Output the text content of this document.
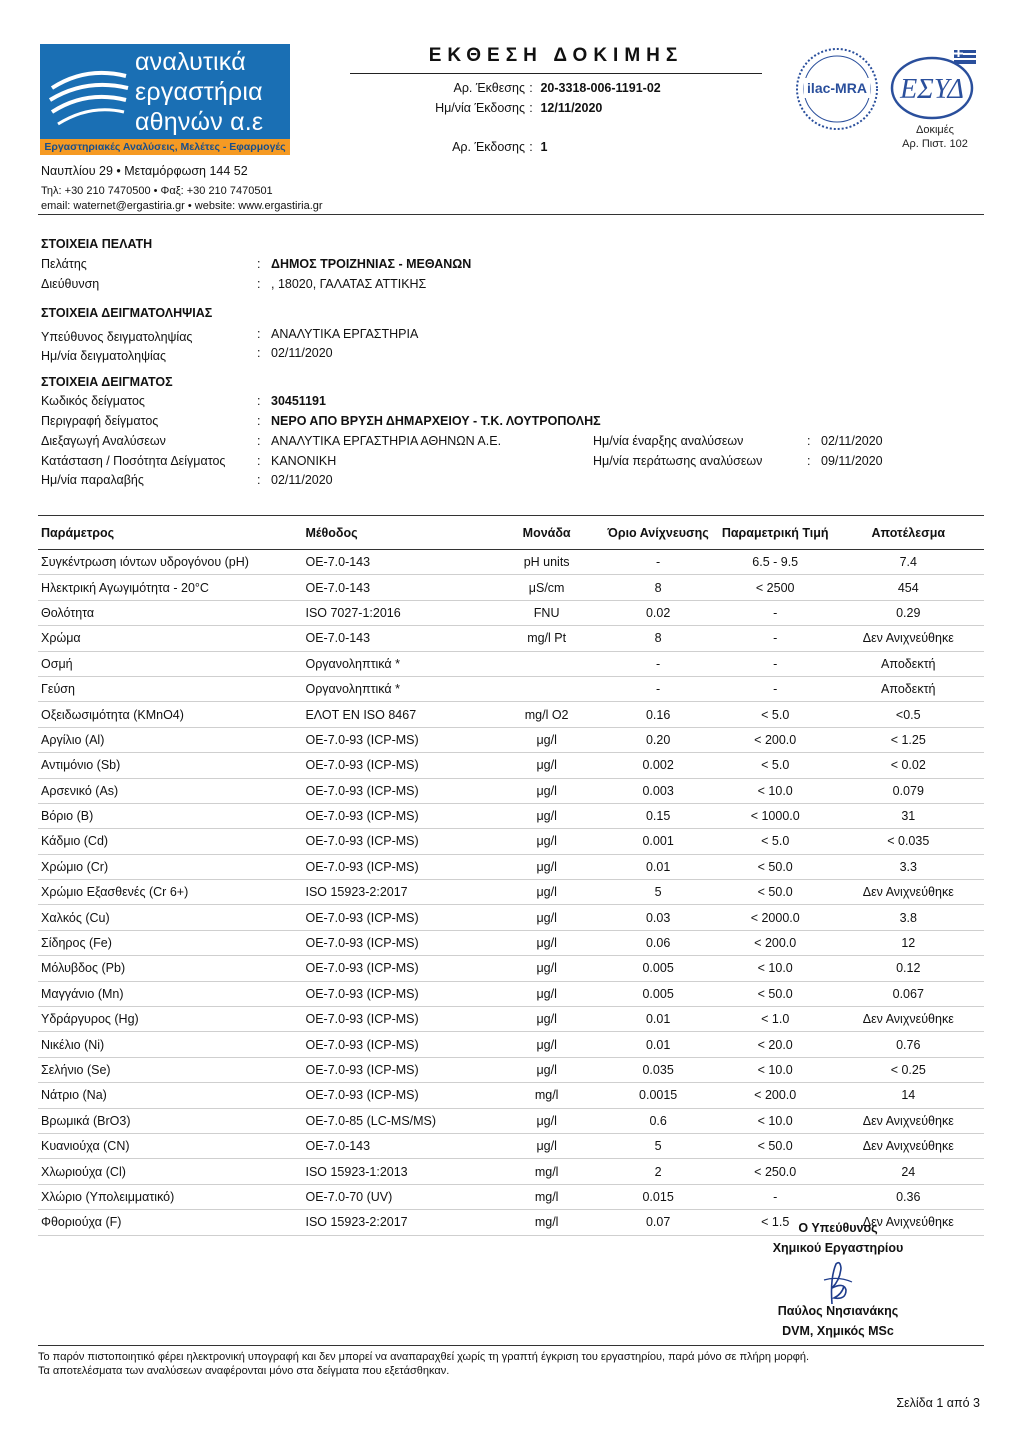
αναλυτικά
εργαστήρια
αθηνών α.ε
Εργαστηριακές Αναλύσεις, Μελέτες - Εφαρμογές
Ναυπλίου 29 • Μεταμόρφωση 144 52
Τηλ: +30 210 7470500 • Φαξ: +30 210 7470501
email: waternet@ergastiria.gr • website: www.ergastiria.gr
ΕΚΘΕΣΗ ΔΟΚΙΜΗΣ
Αρ. Έκθεσης : 20-3318-006-1191-02
Ημ/νία Έκδοσης : 12/11/2020
Αρ. Έκδοσης : 1
ilac-MRA ΕΣΥΔ
Δοκιμές
Αρ. Πιστ. 102
ΣΤΟΙΧΕΙΑ ΠΕΛΑΤΗ
Πελάτης	: ΔΗΜΟΣ ΤΡΟΙΖΗΝΙΑΣ - ΜΕΘΑΝΩΝ
Διεύθυνση	: , 18020, ΓΑΛΑΤΑΣ ΑΤΤΙΚΗΣ
ΣΤΟΙΧΕΙΑ ΔΕΙΓΜΑΤΟΛΗΨΙΑΣ
Υπεύθυνος δειγματοληψίας	: ΑΝΑΛΥΤΙΚΑ ΕΡΓΑΣΤΗΡΙΑ
Ημ/νία δειγματοληψίας	: 02/11/2020
ΣΤΟΙΧΕΙΑ ΔΕΙΓΜΑΤΟΣ
Κωδικός δείγματος	: 30451191
Περιγραφή δείγματος	: ΝΕΡΟ ΑΠΟ ΒΡΥΣΗ ΔΗΜΑΡΧΕΙΟΥ - Τ.Κ. ΛΟΥΤΡΟΠΟΛΗΣ
Διεξαγωγή Αναλύσεων	: ΑΝΑΛΥΤΙΚΑ ΕΡΓΑΣΤΗΡΙΑ ΑΘΗΝΩΝ Α.Ε.	Ημ/νία έναρξης αναλύσεων	: 02/11/2020
Κατάσταση / Ποσότητα Δείγματος	: ΚΑΝΟΝΙΚΗ	Ημ/νία περάτωσης αναλύσεων	: 09/11/2020
Ημ/νία παραλαβής	: 02/11/2020
Παράμετρος	Μέθοδος	Μονάδα	Όριο Ανίχνευσης	Παραμετρική Τιμή	Αποτέλεσμα
Συγκέντρωση ιόντων υδρογόνου (pH)	OE-7.0-143	pH units	-	6.5 - 9.5	7.4
Ηλεκτρική Αγωγιμότητα - 20°C	OE-7.0-143	μS/cm	8	< 2500	454
Θολότητα	ISO 7027-1:2016	FNU	0.02	-	0.29
Χρώμα	OE-7.0-143	mg/l Pt	8	-	Δεν Ανιχνεύθηκε
Οσμή	Οργανοληπτικά *		-	-	Αποδεκτή
Γεύση	Οργανοληπτικά *		-	-	Αποδεκτή
Οξειδωσιμότητα (KMnO4)	ΕΛΟΤ EN ISO 8467	mg/l O2	0.16	< 5.0	<0.5
Αργίλιο (Al)	OE-7.0-93 (ICP-MS)	μg/l	0.20	< 200.0	< 1.25
Αντιμόνιο (Sb)	OE-7.0-93 (ICP-MS)	μg/l	0.002	< 5.0	< 0.02
Αρσενικό (As)	OE-7.0-93 (ICP-MS)	μg/l	0.003	< 10.0	0.079
Βόριο (B)	OE-7.0-93 (ICP-MS)	μg/l	0.15	< 1000.0	31
Κάδμιο (Cd)	OE-7.0-93 (ICP-MS)	μg/l	0.001	< 5.0	< 0.035
Χρώμιο (Cr)	OE-7.0-93 (ICP-MS)	μg/l	0.01	< 50.0	3.3
Χρώμιο Εξασθενές (Cr 6+)	ISO 15923-2:2017	μg/l	5	< 50.0	Δεν Ανιχνεύθηκε
Χαλκός (Cu)	OE-7.0-93 (ICP-MS)	μg/l	0.03	< 2000.0	3.8
Σίδηρος (Fe)	OE-7.0-93 (ICP-MS)	μg/l	0.06	< 200.0	12
Μόλυβδος (Pb)	OE-7.0-93 (ICP-MS)	μg/l	0.005	< 10.0	0.12
Μαγγάνιο (Mn)	OE-7.0-93 (ICP-MS)	μg/l	0.005	< 50.0	0.067
Υδράργυρος (Hg)	OE-7.0-93 (ICP-MS)	μg/l	0.01	< 1.0	Δεν Ανιχνεύθηκε
Νικέλιο (Ni)	OE-7.0-93 (ICP-MS)	μg/l	0.01	< 20.0	0.76
Σελήνιο (Se)	OE-7.0-93 (ICP-MS)	μg/l	0.035	< 10.0	< 0.25
Νάτριο (Na)	OE-7.0-93 (ICP-MS)	mg/l	0.0015	< 200.0	14
Βρωμικά (BrO3)	OE-7.0-85 (LC-MS/MS)	μg/l	0.6	< 10.0	Δεν Ανιχνεύθηκε
Κυανιούχα (CN)	OE-7.0-143	μg/l	5	< 50.0	Δεν Ανιχνεύθηκε
Χλωριούχα (Cl)	ISO 15923-1:2013	mg/l	2	< 250.0	24
Χλώριο (Υπολειμματικό)	OE-7.0-70 (UV)	mg/l	0.015	-	0.36
Φθοριούχα (F)	ISO 15923-2:2017	mg/l	0.07	< 1.5	Δεν Ανιχνεύθηκε
Ο Υπεύθυνος
Χημικού Εργαστηρίου
Παύλος Νησιανάκης
DVM, Χημικός MSc
Το παρόν πιστοποιητικό φέρει ηλεκτρονική υπογραφή και δεν μπορεί να αναπαραχθεί χωρίς τη γραπτή έγκριση του εργαστηρίου, παρά μόνο σε πλήρη μορφή.
Τα αποτελέσματα των αναλύσεων αναφέρονται μόνο στα δείγματα που εξετάσθηκαν.
Σελίδα 1 από 3
